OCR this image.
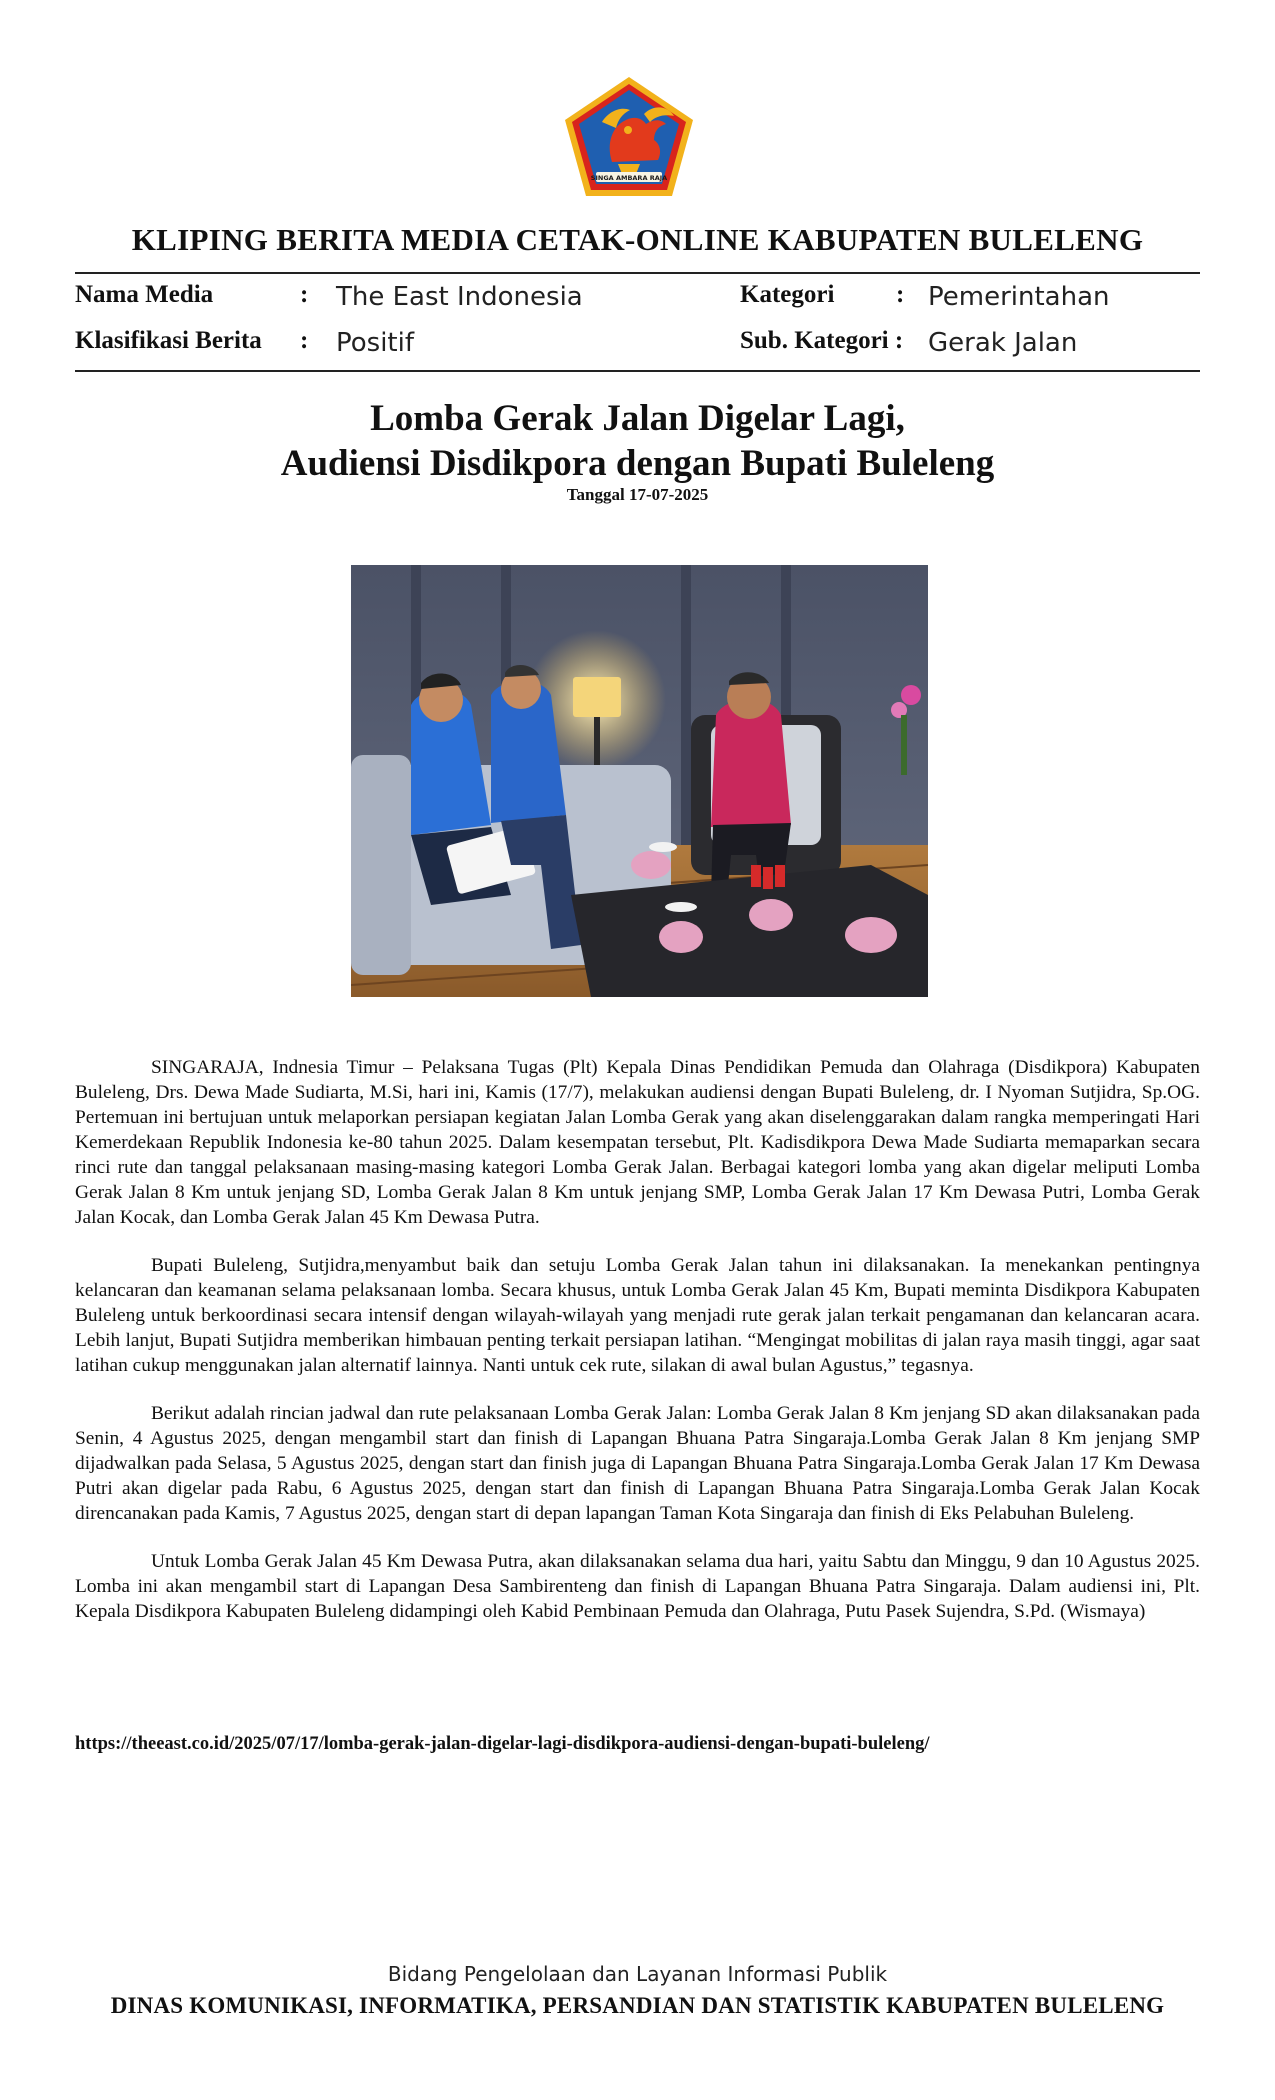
SINGA AMBARA RAJA
KLIPING BERITA MEDIA CETAK-ONLINE KABUPATEN BULELENG
Nama Media	: The East Indonesia
Klasifikasi Berita : Positif
Kategori : Pemerintahan
Sub. Kategori : Gerak Jalan
Lomba Gerak Jalan Digelar Lagi,
Audiensi Disdikpora dengan Bupati Buleleng
Tanggal 17-07-2025

SINGARAJA, Indnesia Timur – Pelaksana Tugas (Plt) Kepala Dinas Pendidikan Pemuda dan Olahraga (Disdikpora) Kabupaten Buleleng, Drs. Dewa Made Sudiarta, M.Si, hari ini, Kamis (17/7), melakukan audiensi dengan Bupati Buleleng, dr. I Nyoman Sutjidra, Sp.OG. Pertemuan ini bertujuan untuk melaporkan persiapan kegiatan Jalan Lomba Gerak yang akan diselenggarakan dalam rangka memperingati Hari Kemerdekaan Republik Indonesia ke-80 tahun 2025. Dalam kesempatan tersebut, Plt. Kadisdikpora Dewa Made Sudiarta memaparkan secara rinci rute dan tanggal pelaksanaan masing-masing kategori Lomba Gerak Jalan. Berbagai kategori lomba yang akan digelar meliputi Lomba Gerak Jalan 8 Km untuk jenjang SD, Lomba Gerak Jalan 8 Km untuk jenjang SMP, Lomba Gerak Jalan 17 Km Dewasa Putri, Lomba Gerak Jalan Kocak, dan Lomba Gerak Jalan 45 Km Dewasa Putra.

Bupati Buleleng, Sutjidra,menyambut baik dan setuju Lomba Gerak Jalan tahun ini dilaksanakan. Ia menekankan pentingnya kelancaran dan keamanan selama pelaksanaan lomba. Secara khusus, untuk Lomba Gerak Jalan 45 Km, Bupati meminta Disdikpora Kabupaten Buleleng untuk berkoordinasi secara intensif dengan wilayah-wilayah yang menjadi rute gerak jalan terkait pengamanan dan kelancaran acara. Lebih lanjut, Bupati Sutjidra memberikan himbauan penting terkait persiapan latihan. “Mengingat mobilitas di jalan raya masih tinggi, agar saat latihan cukup menggunakan jalan alternatif lainnya. Nanti untuk cek rute, silakan di awal bulan Agustus,” tegasnya.

Berikut adalah rincian jadwal dan rute pelaksanaan Lomba Gerak Jalan: Lomba Gerak Jalan 8 Km jenjang SD akan dilaksanakan pada Senin, 4 Agustus 2025, dengan mengambil start dan finish di Lapangan Bhuana Patra Singaraja.Lomba Gerak Jalan 8 Km jenjang SMP dijadwalkan pada Selasa, 5 Agustus 2025, dengan start dan finish juga di Lapangan Bhuana Patra Singaraja.Lomba Gerak Jalan 17 Km Dewasa Putri akan digelar pada Rabu, 6 Agustus 2025, dengan start dan finish di Lapangan Bhuana Patra Singaraja.Lomba Gerak Jalan Kocak direncanakan pada Kamis, 7 Agustus 2025, dengan start di depan lapangan Taman Kota Singaraja dan finish di Eks Pelabuhan Buleleng.

Untuk Lomba Gerak Jalan 45 Km Dewasa Putra, akan dilaksanakan selama dua hari, yaitu Sabtu dan Minggu, 9 dan 10 Agustus 2025. Lomba ini akan mengambil start di Lapangan Desa Sambirenteng dan finish di Lapangan Bhuana Patra Singaraja. Dalam audiensi ini, Plt. Kepala Disdikpora Kabupaten Buleleng didampingi oleh Kabid Pembinaan Pemuda dan Olahraga, Putu Pasek Sujendra, S.Pd. (Wismaya)

https://theeast.co.id/2025/07/17/lomba-gerak-jalan-digelar-lagi-disdikpora-audiensi-dengan-bupati-buleleng/
Bidang Pengelolaan dan Layanan Informasi Publik
DINAS KOMUNIKASI, INFORMATIKA, PERSANDIAN DAN STATISTIK KABUPATEN BULELENG
